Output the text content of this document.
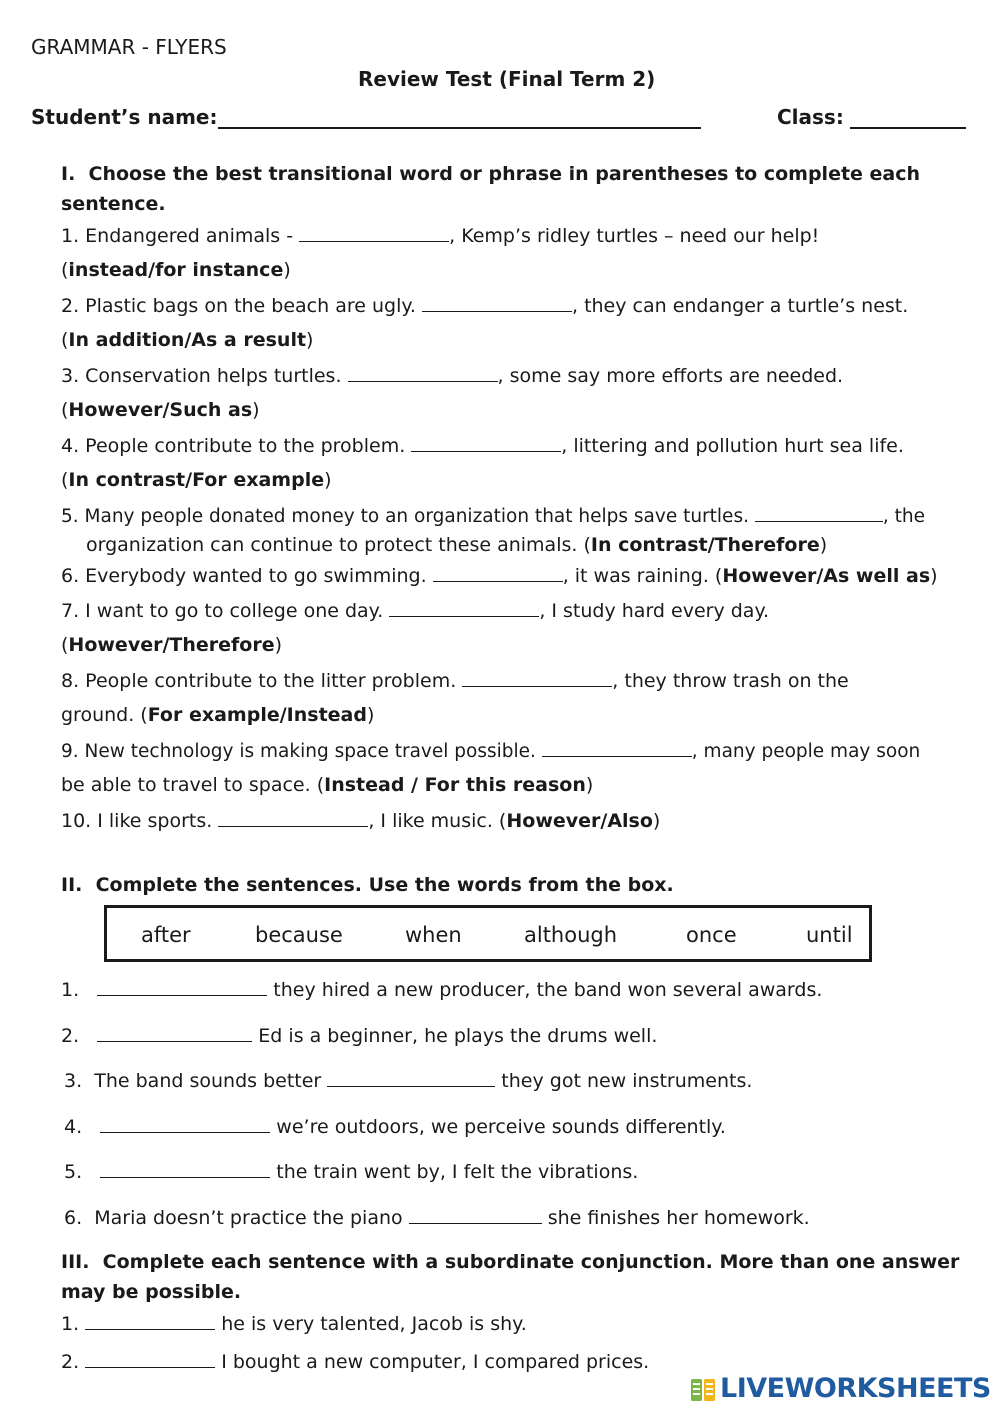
GRAMMAR - FLYERS
Review Test (Final Term 2)
Student’s name:	Class:
I. Choose the best transitional word or phrase in parentheses to complete each
sentence.
1. Endangered animals -	, Kemp’s ridley turtles – need our help!
(instead/for instance)
2. Plastic bags on the beach are ugly.	, they can endanger a turtle’s nest.
(In addition/As a result)
3. Conservation helps turtles.	, some say more efforts are needed.
(However/Such as)
4. People contribute to the problem.	, littering and pollution hurt sea life.
(In contrast/For example)
5. Many people donated money to an organization that helps save turtles.	, the
organization can continue to protect these animals. (In contrast/Therefore)
6. Everybody wanted to go swimming.	, it was raining. (However/As well as)
7. I want to go to college one day.	, I study hard every day.
(However/Therefore)
8. People contribute to the litter problem.	, they throw trash on the
ground. (For example/Instead)
9. New technology is making space travel possible.	, many people may soon
be able to travel to space. (Instead / For this reason)
10. I like sports.	, I like music. (However/Also)
II. Complete the sentences. Use the words from the box.
after	because	when	although	once	until
1.	they hired a new producer, the band won several awards.
2.	Ed is a beginner, he plays the drums well.
3. The band sounds better	they got new instruments.
4.	we’re outdoors, we perceive sounds differently.
5.	the train went by, I felt the vibrations.
6. Maria doesn’t practice the piano	she finishes her homework.
III. Complete each sentence with a subordinate conjunction. More than one answer
may be possible.
1.	he is very talented, Jacob is shy.
2.	I bought a new computer, I compared prices.
LIVEWORKSHEETS
